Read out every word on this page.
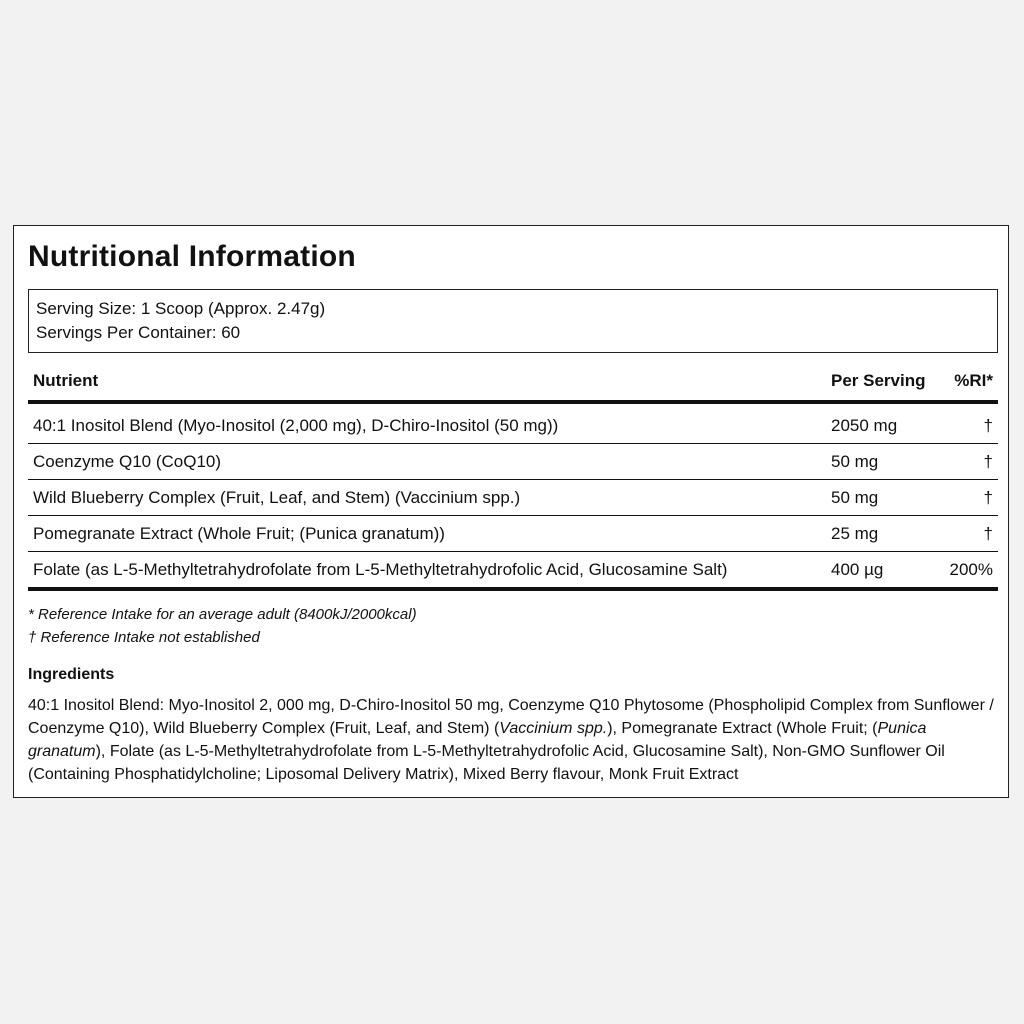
Nutritional Information
Serving Size: 1 Scoop (Approx. 2.47g)
Servings Per Container: 60
Nutrient	Per Serving %RI*
40:1 Inositol Blend (Myo-Inositol (2,000 mg), D-Chiro-Inositol (50 mg))	2050 mg	†
Coenzyme Q10 (CoQ10)	50 mg	†
Wild Blueberry Complex (Fruit, Leaf, and Stem) (Vaccinium spp.)	50 mg	†
Pomegranate Extract (Whole Fruit; (Punica granatum))	25 mg	†
Folate (as L-5-Methyltetrahydrofolate from L-5-Methyltetrahydrofolic Acid, Glucosamine Salt)	400 µg	200%
* Reference Intake for an average adult (8400kJ/2000kcal)
† Reference Intake not established
Ingredients
40:1 Inositol Blend: Myo-Inositol 2, 000 mg, D-Chiro-Inositol 50 mg, Coenzyme Q10 Phytosome (Phospholipid Complex from Sunflower / Coenzyme Q10), Wild Blueberry Complex (Fruit, Leaf, and Stem) (Vaccinium spp.), Pomegranate Extract (Whole Fruit; (Punica granatum), Folate (as L-5-Methyltetrahydrofolate from L-5-Methyltetrahydrofolic Acid, Glucosamine Salt), Non-GMO Sunflower Oil (Containing Phosphatidylcholine; Liposomal Delivery Matrix), Mixed Berry flavour, Monk Fruit Extract
